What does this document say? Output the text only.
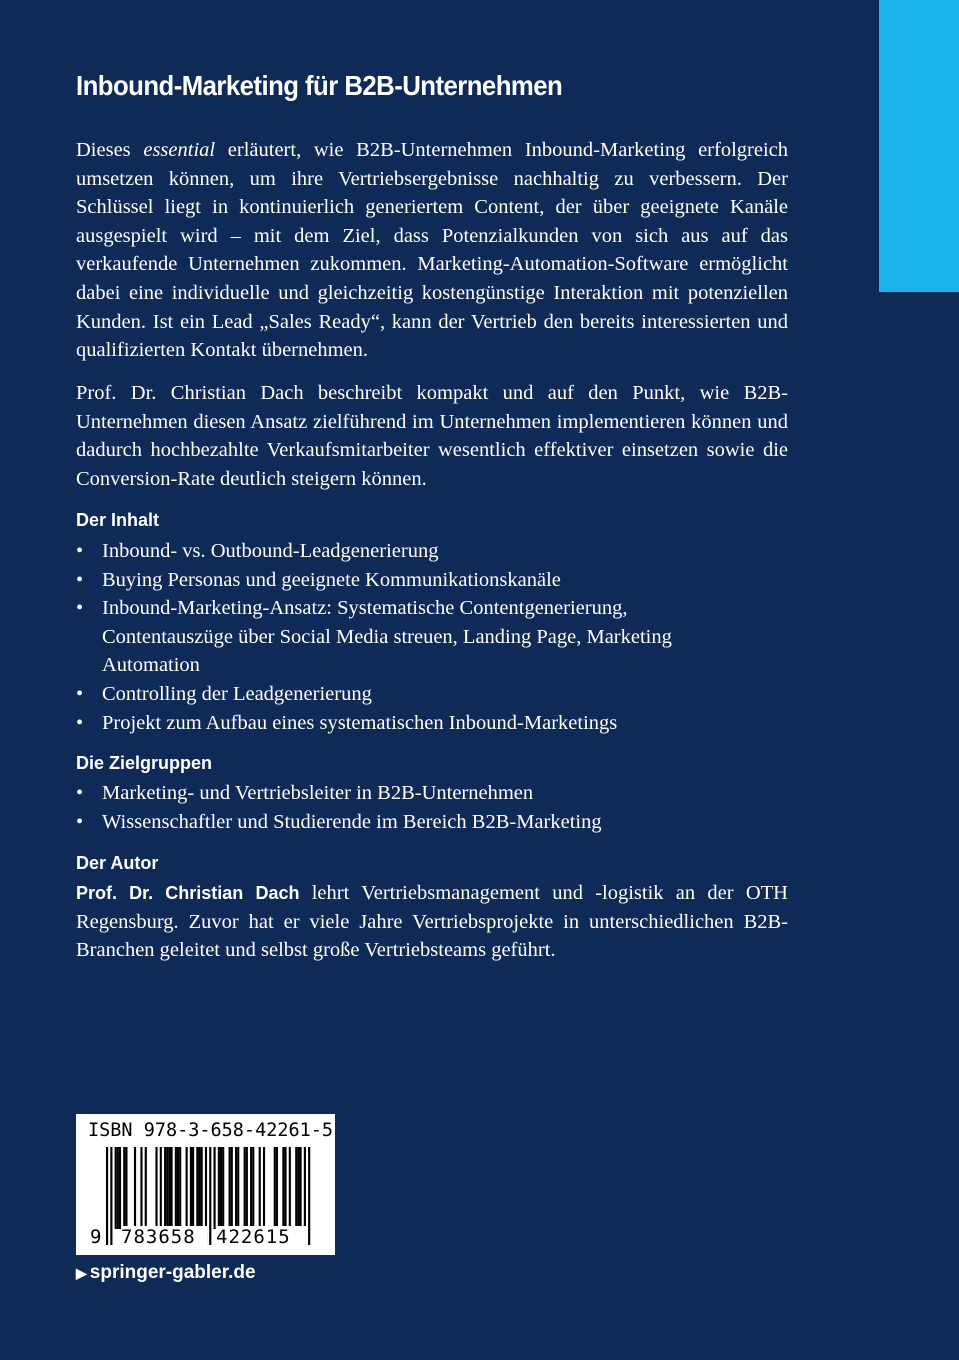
Inbound-Marketing für B2B-Unternehmen
Dieses essential erläutert, wie B2B-Unternehmen Inbound-Marketing erfolgreich umsetzen können, um ihre Vertriebsergebnisse nachhaltig zu verbessern. Der Schlüssel liegt in kontinuierlich generiertem Content, der über geeignete Kanäle ausgespielt wird – mit dem Ziel, dass Potenzialkunden von sich aus auf das verkaufende Unternehmen zukommen. Marketing-Automation-Software ermöglicht dabei eine individuelle und gleichzeitig kostengünstige Interaktion mit potenziellen Kunden. Ist ein Lead „Sales Ready“, kann der Vertrieb den bereits interessierten und qualifizierten Kontakt übernehmen.
Prof. Dr. Christian Dach beschreibt kompakt und auf den Punkt, wie B2B-Unternehmen diesen Ansatz zielführend im Unternehmen implementieren können und dadurch hochbezahlte Verkaufsmitarbeiter wesentlich effektiver einsetzen sowie die Conversion-Rate deutlich steigern können.
Der Inhalt
• Inbound- vs. Outbound-Leadgenerierung
• Buying Personas und geeignete Kommunikationskanäle
• Inbound-Marketing-Ansatz: Systematische Contentgenerierung, Contentauszüge über Social Media streuen, Landing Page, Marketing Automation
• Controlling der Leadgenerierung
• Projekt zum Aufbau eines systematischen Inbound-Marketings
Die Zielgruppen
• Marketing- und Vertriebsleiter in B2B-Unternehmen
• Wissenschaftler und Studierende im Bereich B2B-Marketing
Der Autor
Prof. Dr. Christian Dach lehrt Vertriebsmanagement und -logistik an der OTH Regensburg. Zuvor hat er viele Jahre Vertriebsprojekte in unterschiedlichen B2B-Branchen geleitet und selbst große Vertriebsteams geführt.
ISBN 978-3-658-42261-5
9 783658	422615
▶ springer-gabler.de
